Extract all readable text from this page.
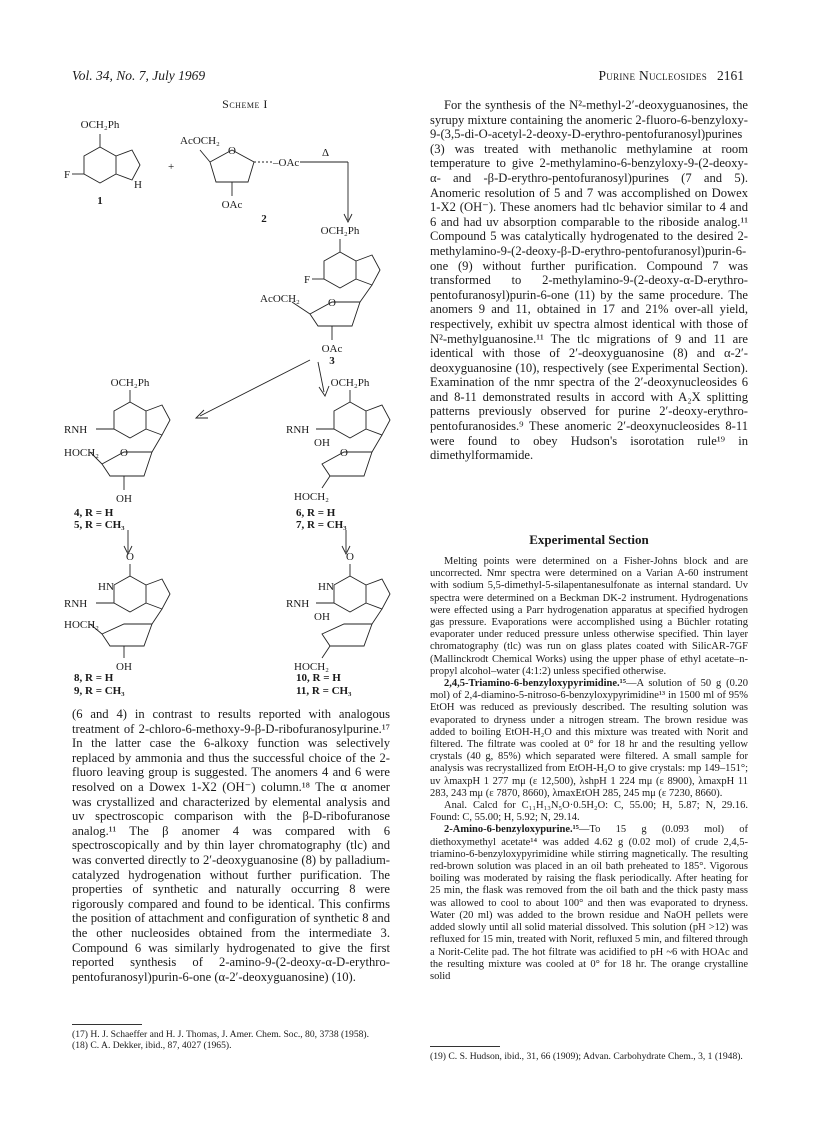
Vol. 34, No. 7, July 1969	Purine Nucleosides 2161
Scheme I
OCH₂Ph
F
H
1
+
AcOCH₂
O
–OAc
OAc
2
Δ
OCH₂Ph
F
AcOCH₂	O
OAc
3
OCH₂Ph
RNH
HOCH₂ O
OH
4, R = H
5, R = CH₃
OCH₂Ph
RNH
OH
O
HOCH₂
6, R = H
7, R = CH₃
O
HN
RNH
HOCH₂
OH
O
HN
RNH
OH
HOCH₂
8, R = H
9, R = CH₃
10, R = H
11, R = CH₃

(6 and 4) in contrast to results reported with analogous treatment of 2-chloro-6-methoxy-9-β-D-ribofuranosylpurine.¹⁷ In the latter case the 6-alkoxy function was selectively replaced by ammonia and thus the successful choice of the 2-fluoro leaving group is suggested. The anomers 4 and 6 were resolved on a Dowex 1-X2 (OH⁻) column.¹⁸ The α anomer was crystallized and characterized by elemental analysis and uv spectroscopic comparison with the β-D-ribofuranose analog.¹¹ The β anomer 4 was compared with 6 spectroscopically and by thin layer chromatography (tlc) and was converted directly to 2′-deoxyguanosine (8) by palladium-catalyzed hydrogenation without further purification. The properties of synthetic and naturally occurring 8 were rigorously compared and found to be identical. This confirms the position of attachment and configuration of synthetic 8 and the other nucleosides obtained from the intermediate 3. Compound 6 was similarly hydrogenated to give the first reported synthesis of 2-amino-9-(2-deoxy-α-D-erythro-pentofuranosyl)purin-6-one (α-2′-deoxyguanosine) (10).

(17) H. J. Schaeffer and H. J. Thomas, J. Amer. Chem. Soc., 80, 3738 (1958).

(18) C. A. Dekker, ibid., 87, 4027 (1965).

For the synthesis of the N²-methyl-2′-deoxyguanosines, the syrupy mixture containing the anomeric 2-fluoro-6-benzyloxy-9-(3,5-di-O-acetyl-2-deoxy-D-erythro-pentofuranosyl)purines (3) was treated with methanolic methylamine at room temperature to give 2-methylamino-6-benzyloxy-9-(2-deoxy-α- and -β-D-erythro-pentofuranosyl)purines (7 and 5). Anomeric resolution of 5 and 7 was accomplished on Dowex 1-X2 (OH⁻). These anomers had tlc behavior similar to 4 and 6 and had uv absorption comparable to the riboside analog.¹¹ Compound 5 was catalytically hydrogenated to the desired 2-methylamino-9-(2-deoxy-β-D-erythro-pentofuranosyl)purin-6-one (9) without further purification. Compound 7 was transformed to 2-methylamino-9-(2-deoxy-α-D-erythro-pentofuranosyl)purin-6-one (11) by the same procedure. The anomers 9 and 11, obtained in 17 and 21% over-all yield, respectively, exhibit uv spectra almost identical with those of N²-methylguanosine.¹¹ The tlc migrations of 9 and 11 are identical with those of 2′-deoxyguanosine (8) and α-2′-deoxyguanosine (10), respectively (see Experimental Section). Examination of the nmr spectra of the 2′-deoxynucleosides 6 and 8-11 demonstrated results in accord with A₂X splitting patterns previously observed for purine 2′-deoxy-erythro-pentofuranosides.⁹ These anomeric 2′-deoxynucleosides 8-11 were found to obey Hudson's isorotation rule¹⁹ in dimethylformamide.

Experimental Section

Melting points were determined on a Fisher-Johns block and are uncorrected. Nmr spectra were determined on a Varian A-60 instrument with sodium 5,5-dimethyl-5-silapentanesulfonate as internal standard. Uv spectra were determined on a Beckman DK-2 instrument. Hydrogenations were effected using a Parr hydrogenation apparatus at specified hydrogen gas pressure. Evaporations were accomplished using a Büchler rotating evaporater under reduced pressure unless otherwise specified. Thin layer chromatography (tlc) was run on glass plates coated with SilicAR-7GF (Mallinckrodt Chemical Works) using the upper phase of ethyl acetate–n-propyl alcohol–water (4:1:2) unless specified otherwise.

2,4,5-Triamino-6-benzyloxypyrimidine.¹⁵—A solution of 50 g (0.20 mol) of 2,4-diamino-5-nitroso-6-benzyloxypyrimidine¹³ in 1500 ml of 95% EtOH was reduced as previously described. The resulting solution was evaporated to dryness under a nitrogen stream. The brown residue was added to boiling EtOH-H₂O and this mixture was treated with Norit and filtered. The filtrate was cooled at 0° for 18 hr and the resulting yellow crystals (40 g, 85%) which separated were filtered. A small sample for analysis was recrystallized from EtOH-H₂O to give crystals: mp 149–151°; uv λmaxpH 1 277 mμ (ε 12,500), λshpH 1 224 mμ (ε 8900), λmaxpH 11 283, 243 mμ (ε 7870, 8660), λmaxEtOH 285, 245 mμ (ε 7230, 8660).

Anal. Calcd for C₁₁H₁₃N₅O·0.5H₂O: C, 55.00; H, 5.87; N, 29.16. Found: C, 55.00; H, 5.92; N, 29.14.

2-Amino-6-benzyloxypurine.¹⁵—To 15 g (0.093 mol) of diethoxymethyl acetate¹⁴ was added 4.62 g (0.02 mol) of crude 2,4,5-triamino-6-benzyloxypyrimidine while stirring magnetically. The resulting red-brown solution was placed in an oil bath preheated to 185°. Vigorous boiling was moderated by raising the flask periodically. After heating for 25 min, the flask was removed from the oil bath and the thick pasty mass was allowed to cool to about 100° and then was evaporated to dryness. Water (20 ml) was added to the brown residue and NaOH pellets were added slowly until all solid material dissolved. This solution (pH >12) was refluxed for 15 min, treated with Norit, refluxed 5 min, and filtered through a Norit-Celite pad. The hot filtrate was acidified to pH ~6 with HOAc and the resulting mixture was cooled at 0° for 18 hr. The orange crystalline solid

(19) C. S. Hudson, ibid., 31, 66 (1909); Advan. Carbohydrate Chem., 3, 1 (1948).
